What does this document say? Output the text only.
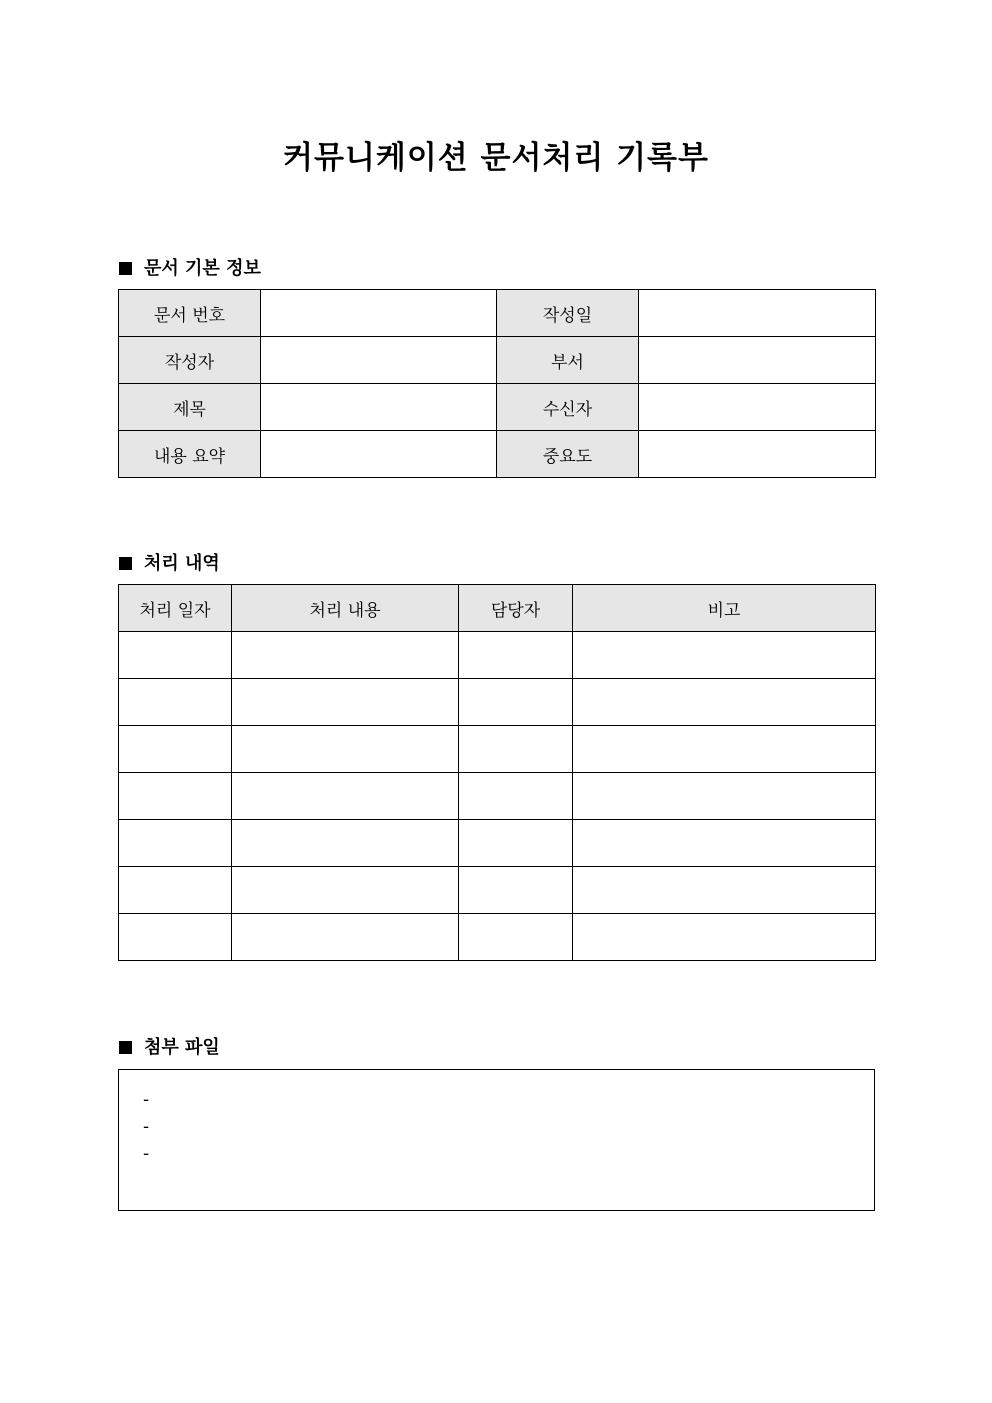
커뮤니케이션 문서처리 기록부
문서 기본 정보
문서 번호		작성일	
작성자		부서	
제목		수신자	
내용 요약		중요도	
처리 내역
처리 일자	처리 내용	담당자	비고

첨부 파일
-
-
-
